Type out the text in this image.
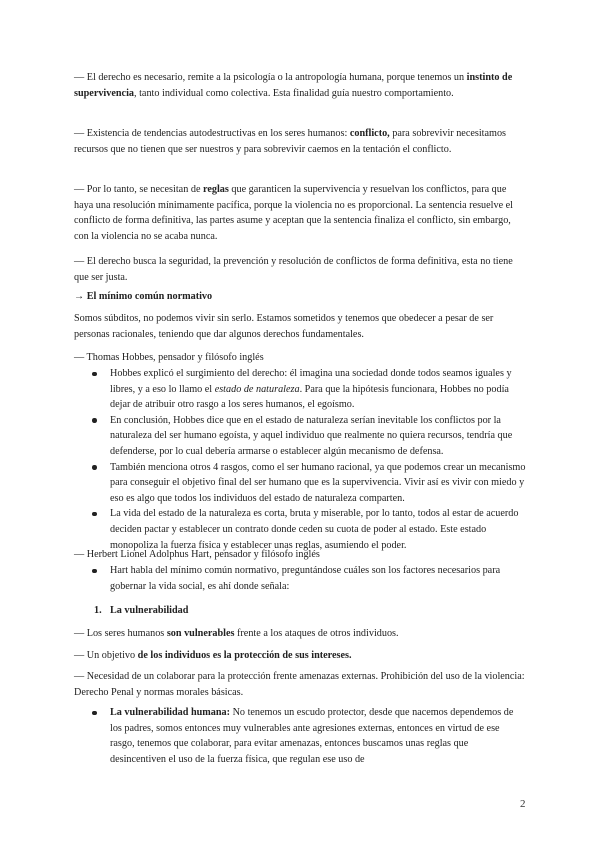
— El derecho es necesario, remite a la psicología o la antropología humana, porque tenemos un instinto de supervivencia, tanto individual como colectiva. Esta finalidad guía nuestro comportamiento.

— Existencia de tendencias autodestructivas en los seres humanos: conflicto, para sobrevivir necesitamos recursos que no tienen que ser nuestros y para sobrevivir caemos en la tentación el conflicto.

— Por lo tanto, se necesitan de reglas que garanticen la supervivencia y resuelvan los conflictos, para que haya una resolución mínimamente pacífica, porque la violencia no es proporcional. La sentencia resuelve el conflicto de forma definitiva, las partes asume y aceptan que la sentencia finaliza el conflicto, sin embargo, con la violencia no se acaba nunca.

— El derecho busca la seguridad, la prevención y resolución de conflictos de forma definitiva, esta no tiene que ser justa.

→ El mínimo común normativo

Somos súbditos, no podemos vivir sin serlo. Estamos sometidos y tenemos que obedecer a pesar de ser personas racionales, teniendo que dar algunos derechos fundamentales.

— Thomas Hobbes, pensador y filósofo inglés

Hobbes explicó el surgimiento del derecho: él imagina una sociedad donde todos seamos iguales y libres, y a eso lo llamo el estado de naturaleza. Para que la hipótesis funcionara, Hobbes no podía dejar de atribuir otro rasgo a los seres humanos, el egoísmo.
En conclusión, Hobbes dice que en el estado de naturaleza serían inevitable los conflictos por la naturaleza del ser humano egoísta, y aquel individuo que realmente no quiera recursos, tendría que defenderse, por lo cual debería armarse o establecer algún mecanismo de defensa.
También menciona otros 4 rasgos, como el ser humano racional, ya que podemos crear un mecanismo para conseguir el objetivo final del ser humano que es la supervivencia. Vivir así es vivir con miedo y eso es algo que todos los individuos del estado de naturaleza comparten.
La vida del estado de la naturaleza es corta, bruta y miserable, por lo tanto, todos al estar de acuerdo deciden pactar y establecer un contrato donde ceden su cuota de poder al estado. Este estado monopoliza la fuerza física y establecer unas reglas, asumiendo el poder.

— Herbert Lionel Adolphus Hart, pensador y filósofo inglés

Hart habla del mínimo común normativo, preguntándose cuáles son los factores necesarios para gobernar la vida social, es ahí donde señala:
1. La vulnerabilidad

— Los seres humanos son vulnerables frente a los ataques de otros individuos.

— Un objetivo de los individuos es la protección de sus intereses.

— Necesidad de un colaborar para la protección frente amenazas externas. Prohibición del uso de la violencia: Derecho Penal y normas morales básicas.

La vulnerabilidad humana: No tenemos un escudo protector, desde que nacemos dependemos de los padres, somos entonces muy vulnerables ante agresiones externas, entonces en virtud de ese rasgo, tenemos que colaborar, para evitar amenazas, entonces buscamos unas reglas que desincentiven el uso de la fuerza física, que regulan ese uso de
2
